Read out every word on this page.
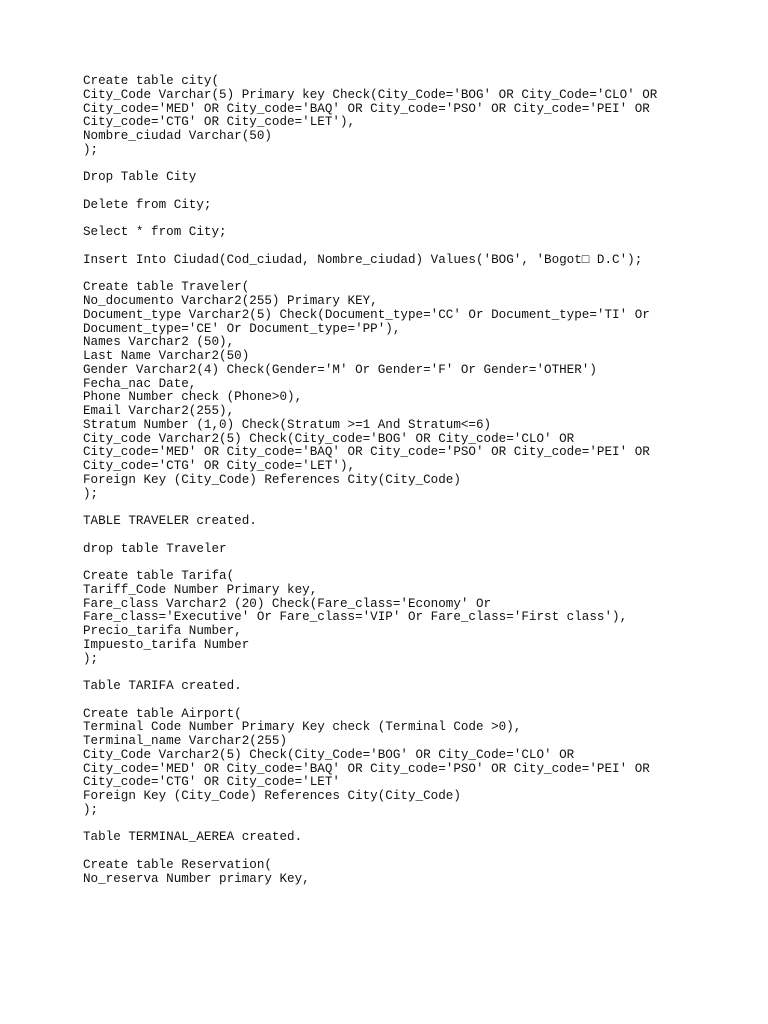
Create table city(
City_Code Varchar(5) Primary key Check(City_Code='BOG' OR City_Code='CLO' OR
City_code='MED' OR City_code='BAQ' OR City_code='PSO' OR City_code='PEI' OR
City_code='CTG' OR City_code='LET'),
Nombre_ciudad Varchar(50)
);
Drop Table City
Delete from City;
Select * from City;
Insert Into Ciudad(Cod_ciudad, Nombre_ciudad) Values('BOG', 'Bogot□ D.C');
Create table Traveler(
No_documento Varchar2(255) Primary KEY,
Document_type Varchar2(5) Check(Document_type='CC' Or Document_type='TI' Or
Document_type='CE' Or Document_type='PP'),
Names Varchar2 (50),
Last Name Varchar2(50)
Gender Varchar2(4) Check(Gender='M' Or Gender='F' Or Gender='OTHER')
Fecha_nac Date,
Phone Number check (Phone>0),
Email Varchar2(255),
Stratum Number (1,0) Check(Stratum >=1 And Stratum<=6)
City_code Varchar2(5) Check(City_code='BOG' OR City_code='CLO' OR
City_code='MED' OR City_code='BAQ' OR City_code='PSO' OR City_code='PEI' OR
City_code='CTG' OR City_code='LET'),
Foreign Key (City_Code) References City(City_Code)
);
TABLE TRAVELER created.
drop table Traveler
Create table Tarifa(
Tariff_Code Number Primary key,
Fare_class Varchar2 (20) Check(Fare_class='Economy' Or
Fare_class='Executive' Or Fare_class='VIP' Or Fare_class='First class'),
Precio_tarifa Number,
Impuesto_tarifa Number
);
Table TARIFA created.
Create table Airport(
Terminal Code Number Primary Key check (Terminal Code >0),
Terminal_name Varchar2(255)
City_Code Varchar2(5) Check(City_Code='BOG' OR City_Code='CLO' OR
City_code='MED' OR City_code='BAQ' OR City_code='PSO' OR City_code='PEI' OR
City_code='CTG' OR City_code='LET'
Foreign Key (City_Code) References City(City_Code)
);
Table TERMINAL_AEREA created.
Create table Reservation(
No_reserva Number primary Key,
